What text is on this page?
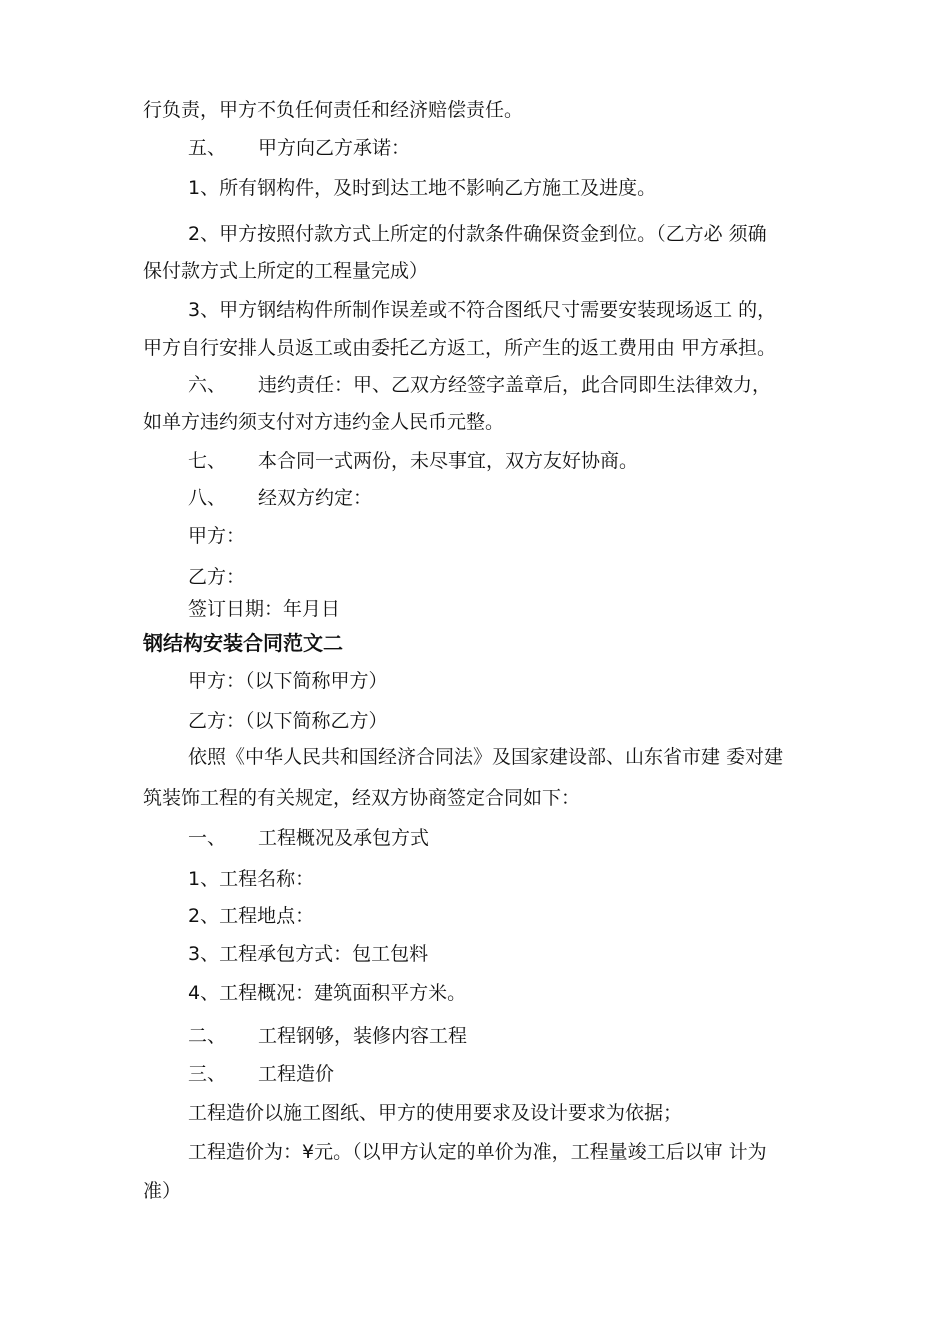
行负责，甲方不负任何责任和经济赔偿责任。
五、 甲方向乙方承诺：
1、所有钢构件，及时到达工地不影响乙方施工及进度。
2、甲方按照付款方式上所定的付款条件确保资金到位。（乙方必 须确
保付款方式上所定的工程量完成）
3、甲方钢结构件所制作误差或不符合图纸尺寸需要安装现场返工 的，
甲方自行安排人员返工或由委托乙方返工，所产生的返工费用由 甲方承担。
六、 违约责任：甲、乙双方经签字盖章后，此合同即生法律效力，
如单方违约须支付对方违约金人民币元整。
七、 本合同一式两份，未尽事宜，双方友好协商。
八、 经双方约定：
甲方：
乙方：
签订日期：年月日
钢结构安装合同范文二
甲方：（以下简称甲方）
乙方：（以下简称乙方）
依照《中华人民共和国经济合同法》及国家建设部、山东省市建 委对建
筑装饰工程的有关规定，经双方协商签定合同如下：
一、 工程概况及承包方式
1、工程名称：
2、工程地点：
3、工程承包方式：包工包料
4、工程概况：建筑面积平方米。
二、 工程钢够，装修内容工程
三、 工程造价
工程造价以施工图纸、甲方的使用要求及设计要求为依据；
工程造价为：¥元。（以甲方认定的单价为准，工程量竣工后以审 计为
准）
